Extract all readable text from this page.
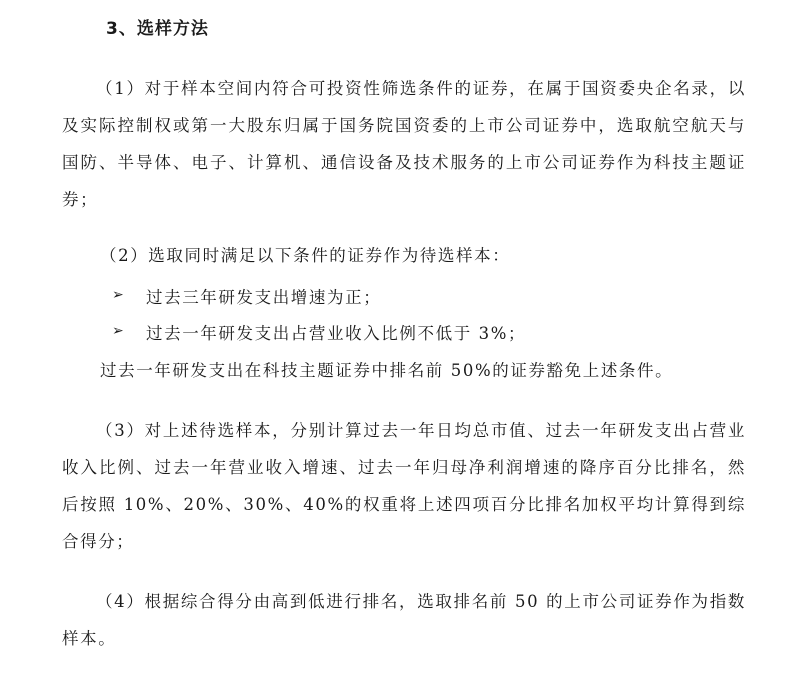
3、选样方法
（1）对于样本空间内符合可投资性筛选条件的证券，在属于国资委央企名录，以及实际控制权或第一大股东归属于国务院国资委的上市公司证券中，选取航空航天与国防、半导体、电子、计算机、通信设备及技术服务的上市公司证券作为科技主题证券；
（2）选取同时满足以下条件的证券作为待选样本：
➢ 过去三年研发支出增速为正；
➢ 过去一年研发支出占营业收入比例不低于 3%；
过去一年研发支出在科技主题证券中排名前 50%的证券豁免上述条件。
（3）对上述待选样本，分别计算过去一年日均总市值、过去一年研发支出占营业收入比例、过去一年营业收入增速、过去一年归母净利润增速的降序百分比排名，然后按照 10%、20%、30%、40%的权重将上述四项百分比排名加权平均计算得到综合得分；
（4）根据综合得分由高到低进行排名，选取排名前 50 的上市公司证券作为指数样本。
